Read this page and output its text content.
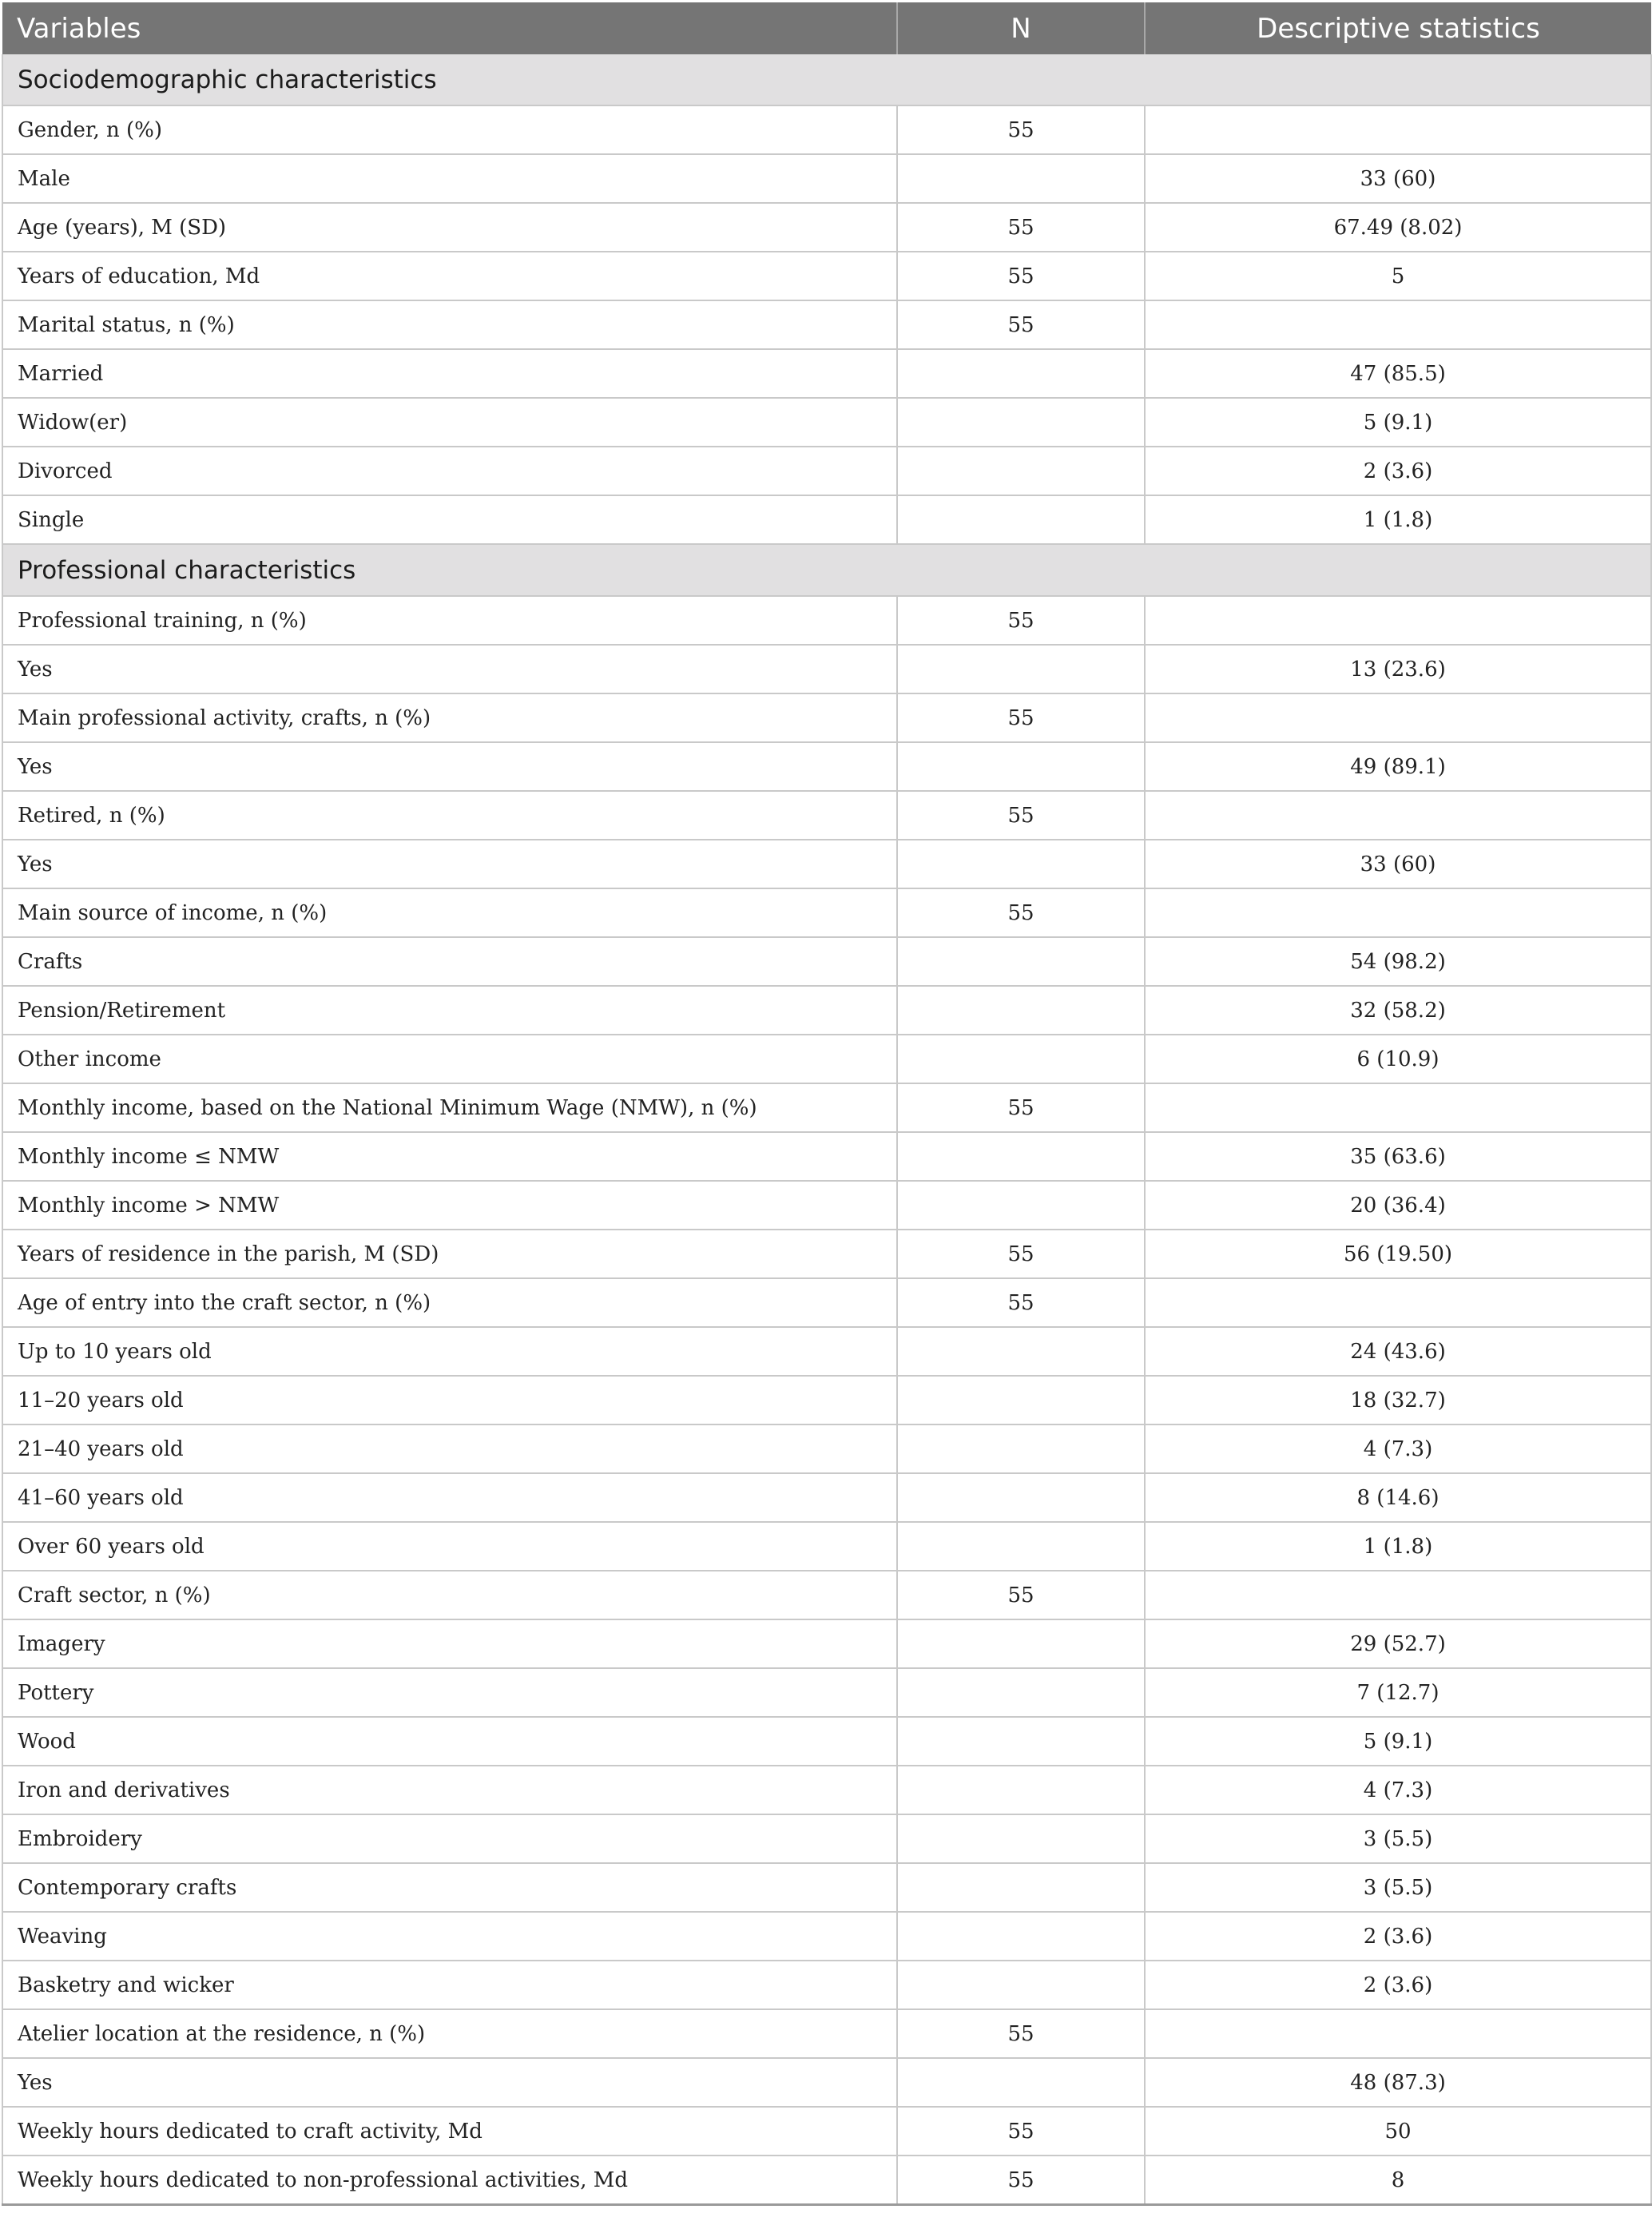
Variables	N	Descriptive statistics
Sociodemographic characteristics		
Gender, n (%)	55	
Male		33 (60)
Age (years), M (SD)	55	67.49 (8.02)
Years of education, Md	55	5
Marital status, n (%)	55	
Married		47 (85.5)
Widow(er)		5 (9.1)
Divorced		2 (3.6)
Single		1 (1.8)
Professional characteristics		
Professional training, n (%)	55	
Yes		13 (23.6)
Main professional activity, crafts, n (%)	55	
Yes		49 (89.1)
Retired, n (%)	55	
Yes		33 (60)
Main source of income, n (%)	55	
Crafts		54 (98.2)
Pension/Retirement		32 (58.2)
Other income		6 (10.9)
Monthly income, based on the National Minimum Wage (NMW), n (%)	55	
Monthly income ≤ NMW		35 (63.6)
Monthly income > NMW		20 (36.4)
Years of residence in the parish, M (SD)	55	56 (19.50)
Age of entry into the craft sector, n (%)	55	
Up to 10 years old		24 (43.6)
11–20 years old		18 (32.7)
21–40 years old		4 (7.3)
41–60 years old		8 (14.6)
Over 60 years old		1 (1.8)
Craft sector, n (%)	55	
Imagery		29 (52.7)
Pottery		7 (12.7)
Wood		5 (9.1)
Iron and derivatives		4 (7.3)
Embroidery		3 (5.5)
Contemporary crafts		3 (5.5)
Weaving		2 (3.6)
Basketry and wicker		2 (3.6)
Atelier location at the residence, n (%)	55	
Yes		48 (87.3)
Weekly hours dedicated to craft activity, Md	55	50
Weekly hours dedicated to non-professional activities, Md	55	8
